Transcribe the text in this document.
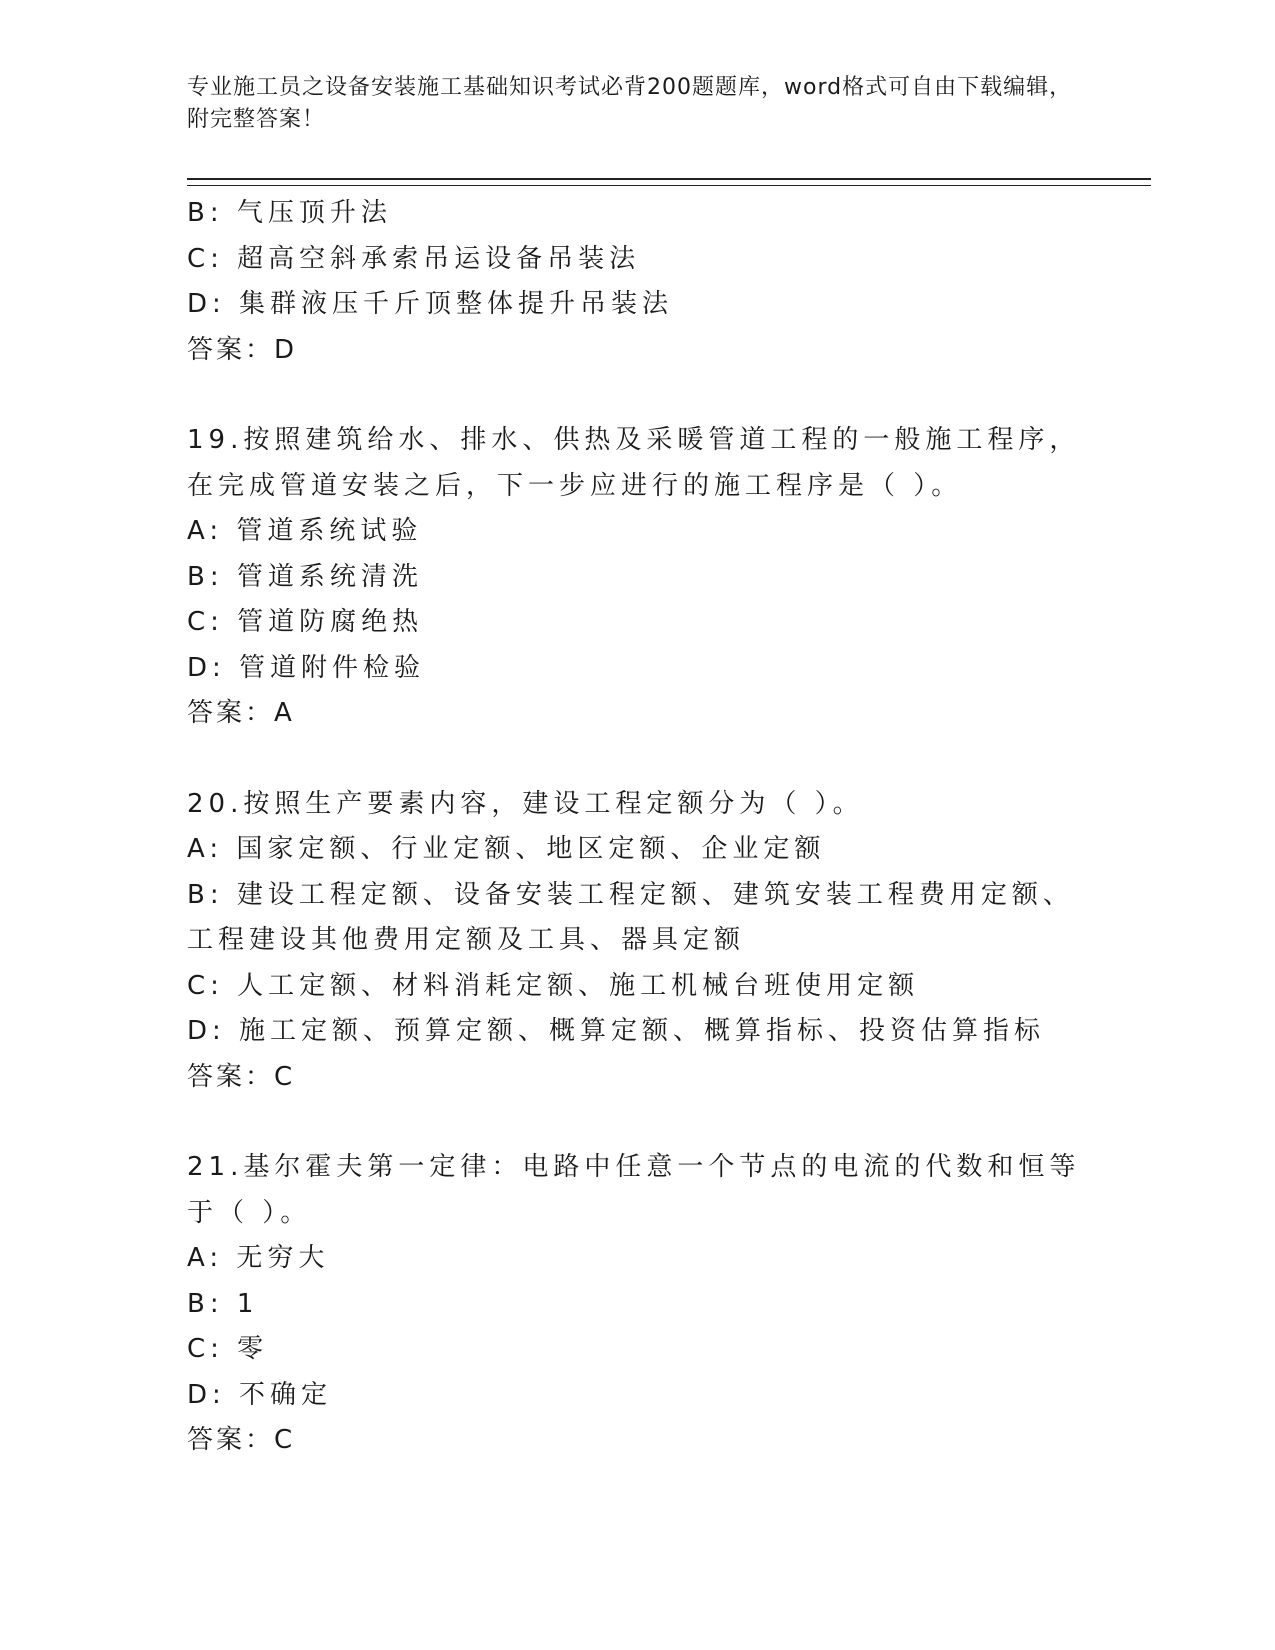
专业施工员之设备安装施工基础知识考试必背200题题库，word格式可自由下载编辑，附完整答案！

B: 气压顶升法

C: 超高空斜承索吊运设备吊装法

D: 集群液压千斤顶整体提升吊装法

答案：D

19.按照建筑给水、排水、供热及采暖管道工程的一般施工程序，在完成管道安装之后，下一步应进行的施工程序是（ ）。

A: 管道系统试验

B: 管道系统清洗

C: 管道防腐绝热

D: 管道附件检验

答案：A

20.按照生产要素内容，建设工程定额分为（ ）。

A: 国家定额、行业定额、地区定额、企业定额

B: 建设工程定额、设备安装工程定额、建筑安装工程费用定额、工程建设其他费用定额及工具、器具定额

C: 人工定额、材料消耗定额、施工机械台班使用定额

D: 施工定额、预算定额、概算定额、概算指标、投资估算指标

答案：C

21.基尔霍夫第一定律：电路中任意一个节点的电流的代数和恒等于（ ）。

A: 无穷大

B: 1

C: 零

D: 不确定

答案：C
